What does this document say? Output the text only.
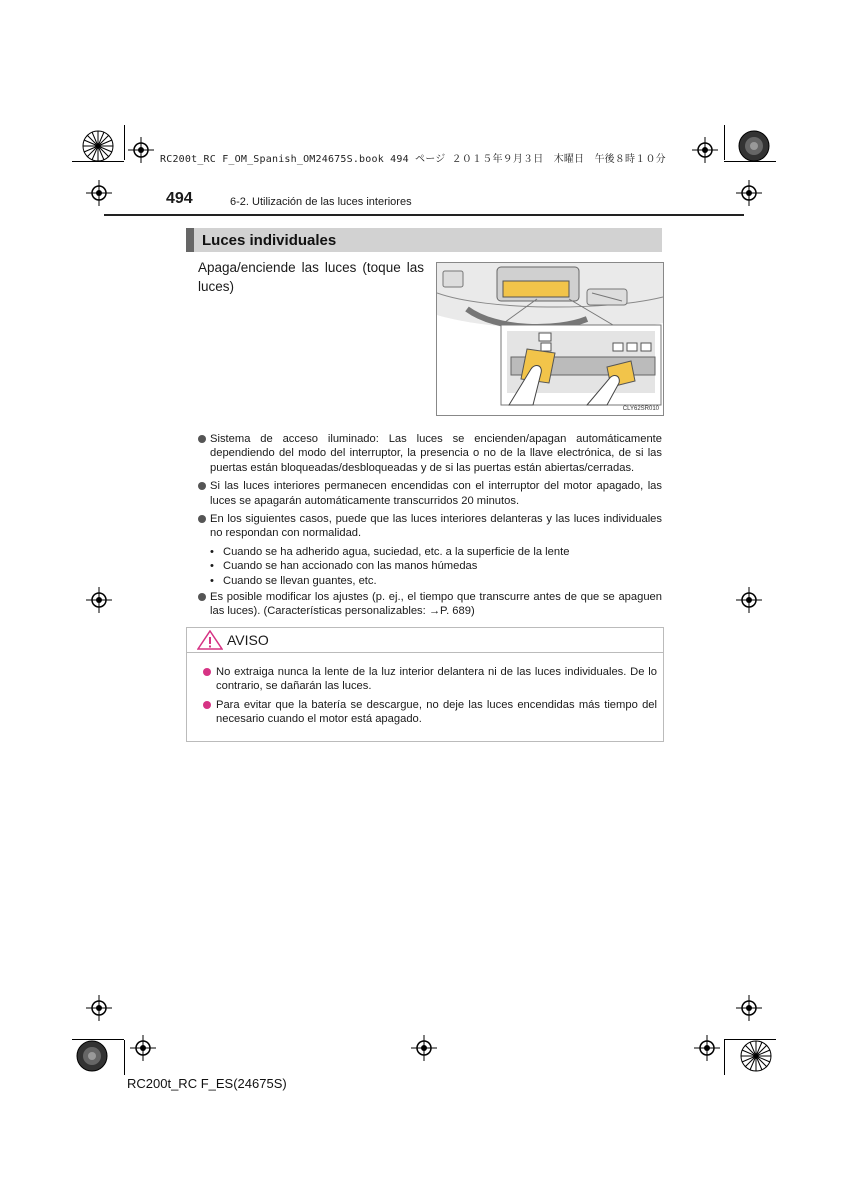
RC200t_RC F_OM_Spanish_OM24675S.book 494 ページ ２０１５年９月３日　木曜日　午後８時１０分
494	6-2. Utilización de las luces interiores
Luces individuales
Apaga/enciende las luces (toque las luces)
CLY62SR010
Sistema de acceso iluminado: Las luces se encienden/apagan automáticamente dependiendo del modo del interruptor, la presencia o no de la llave electrónica, de si las puertas están bloqueadas/desbloqueadas y de si las puertas están abiertas/cerradas.
Si las luces interiores permanecen encendidas con el interruptor del motor apagado, las luces se apagarán automáticamente transcurridos 20 minutos.
En los siguientes casos, puede que las luces interiores delanteras y las luces individuales no respondan con normalidad.
• Cuando se ha adherido agua, suciedad, etc. a la superficie de la lente
• Cuando se han accionado con las manos húmedas
• Cuando se llevan guantes, etc.
Es posible modificar los ajustes (p. ej., el tiempo que transcurre antes de que se apaguen las luces). (Características personalizables: →P. 689)
AVISO
No extraiga nunca la lente de la luz interior delantera ni de las luces individuales. De lo contrario, se dañarán las luces.
Para evitar que la batería se descargue, no deje las luces encendidas más tiempo del necesario cuando el motor está apagado.
RC200t_RC F_ES(24675S)
